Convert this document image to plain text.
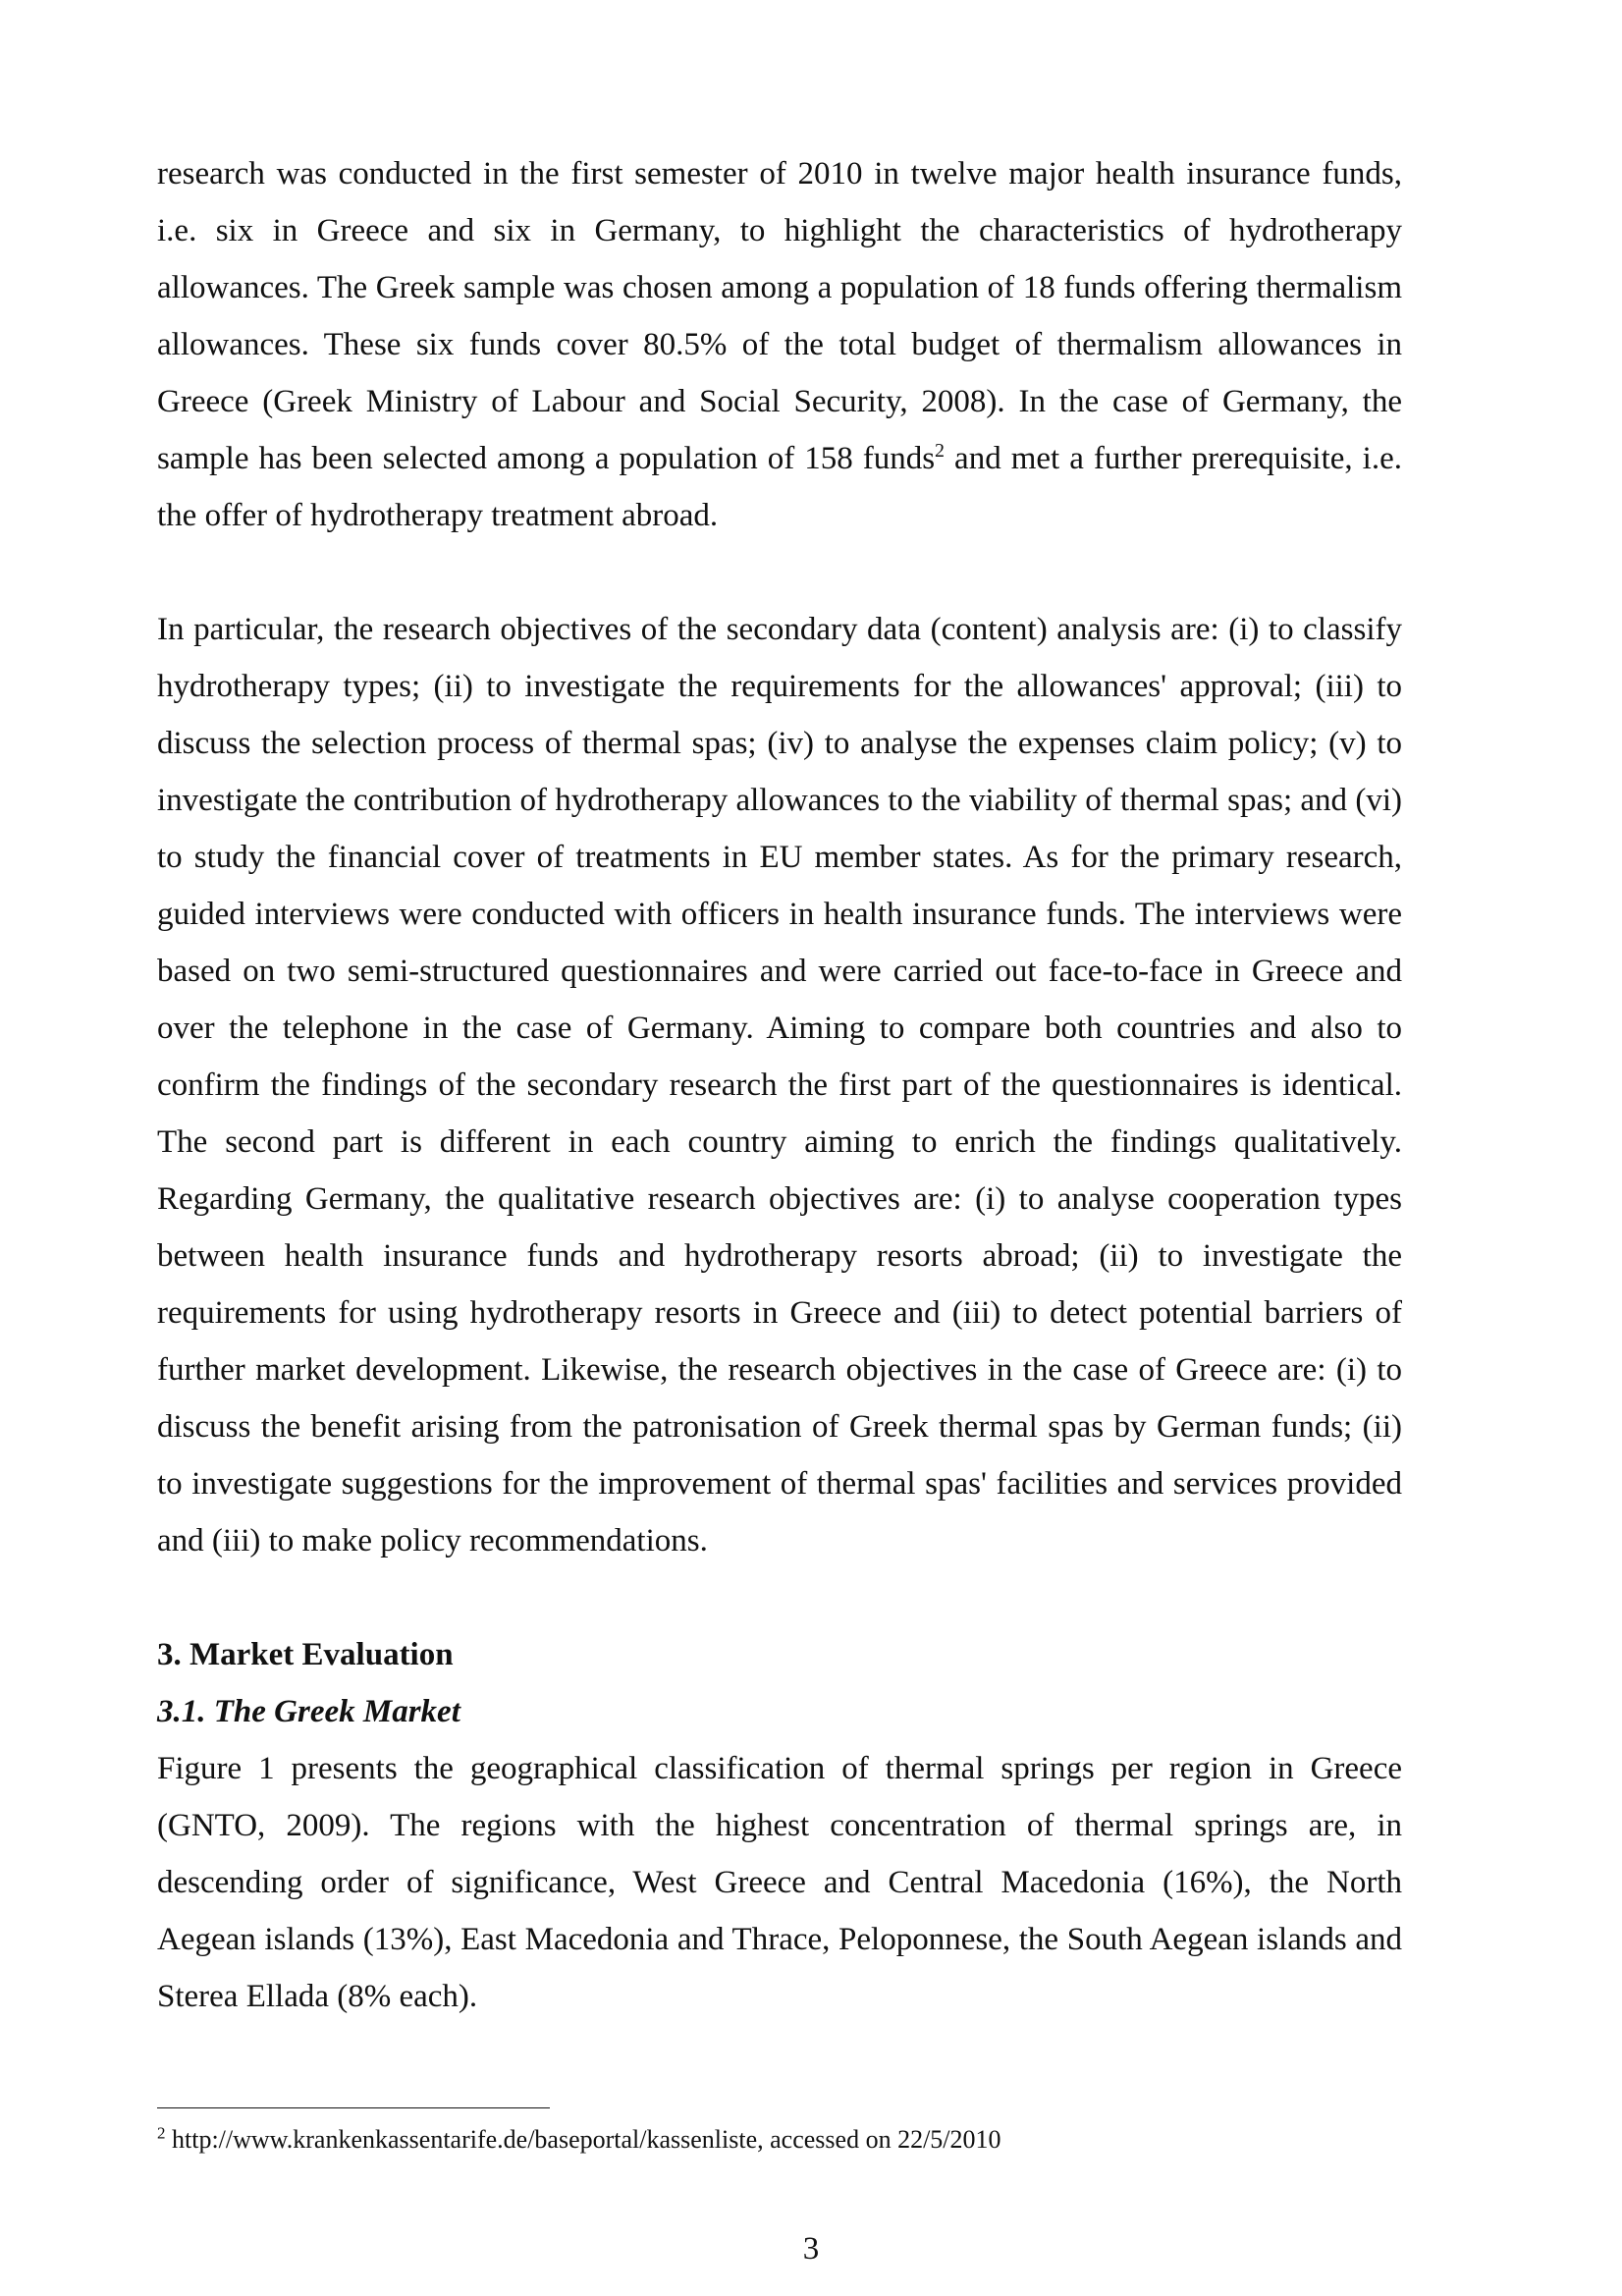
research was conducted in the first semester of 2010 in twelve major health insurance funds, i.e. six in Greece and six in Germany, to highlight the characteristics of hydrotherapy allowances. The Greek sample was chosen among a population of 18 funds offering thermalism allowances. These six funds cover 80.5% of the total budget of thermalism allowances in Greece (Greek Ministry of Labour and Social Security, 2008). In the case of Germany, the sample has been selected among a population of 158 funds$^2$ and met a further prerequisite, i.e. the offer of hydrotherapy treatment abroad.

In particular, the research objectives of the secondary data (content) analysis are: (i) to classify hydrotherapy types; (ii) to investigate the requirements for the allowances' approval; (iii) to discuss the selection process of thermal spas; (iv) to analyse the expenses claim policy; (v) to investigate the contribution of hydrotherapy allowances to the viability of thermal spas; and (vi) to study the financial cover of treatments in EU member states. As for the primary research, guided interviews were conducted with officers in health insurance funds. The interviews were based on two semi-structured questionnaires and were carried out face-to-face in Greece and over the telephone in the case of Germany. Aiming to compare both countries and also to confirm the findings of the secondary research the first part of the questionnaires is identical. The second part is different in each country aiming to enrich the findings qualitatively. Regarding Germany, the qualitative research objectives are: (i) to analyse cooperation types between health insurance funds and hydrotherapy resorts abroad; (ii) to investigate the requirements for using hydrotherapy resorts in Greece and (iii) to detect potential barriers of further market development. Likewise, the research objectives in the case of Greece are: (i) to discuss the benefit arising from the patronisation of Greek thermal spas by German funds; (ii) to investigate suggestions for the improvement of thermal spas' facilities and services provided and (iii) to make policy recommendations.

3. Market Evaluation
3.1. The Greek Market

Figure 1 presents the geographical classification of thermal springs per region in Greece (GNTO, 2009). The regions with the highest concentration of thermal springs are, in descending order of significance, West Greece and Central Macedonia (16%), the North Aegean islands (13%), East Macedonia and Thrace, Peloponnese, the South Aegean islands and Sterea Ellada (8% each).

$^2$ http://www.krankenkassentarife.de/baseportal/kassenliste, accessed on 22/5/2010
3
